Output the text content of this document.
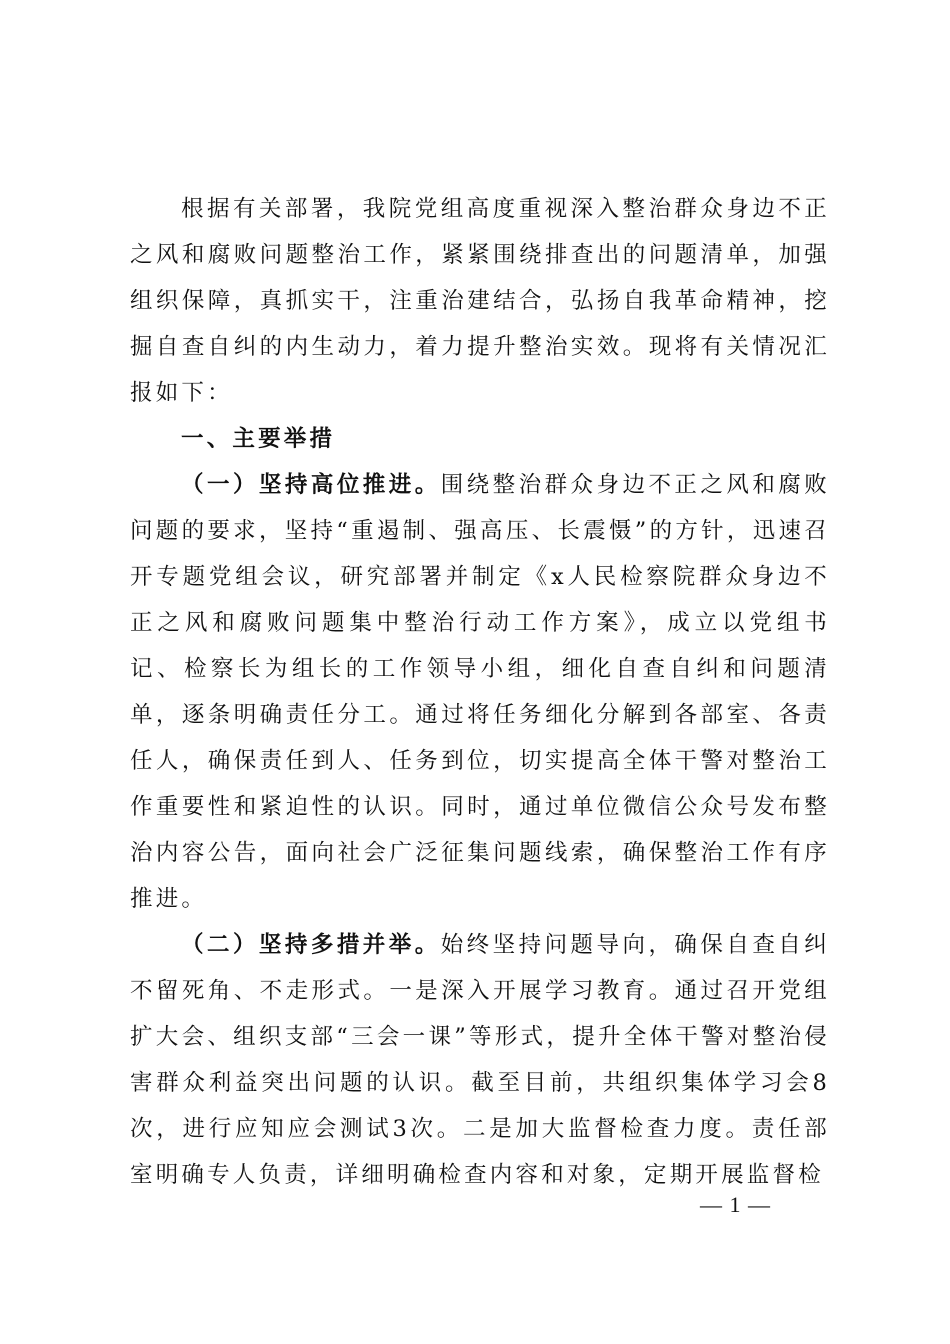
根据有关部署，我院党组高度重视深入整治群众身边不正之风和腐败问题整治工作，紧紧围绕排查出的问题清单，加强组织保障，真抓实干，注重治建结合，弘扬自我革命精神，挖掘自查自纠的内生动力，着力提升整治实效。现将有关情况汇报如下：

一、主要举措

（一）坚持高位推进。围绕整治群众身边不正之风和腐败问题的要求，坚持“重遏制、强高压、长震慑”的方针，迅速召开专题党组会议，研究部署并制定《x人民检察院群众身边不正之风和腐败问题集中整治行动工作方案》，成立以党组书记、检察长为组长的工作领导小组，细化自查自纠和问题清单，逐条明确责任分工。通过将任务细化分解到各部室、各责任人，确保责任到人、任务到位，切实提高全体干警对整治工作重要性和紧迫性的认识。同时，通过单位微信公众号发布整治内容公告，面向社会广泛征集问题线索，确保整治工作有序推进。

（二）坚持多措并举。始终坚持问题导向，确保自查自纠不留死角、不走形式。一是深入开展学习教育。通过召开党组扩大会、组织支部“三会一课”等形式，提升全体干警对整治侵害群众利益突出问题的认识。截至目前，共组织集体学习会8次，进行应知应会测试3次。二是加大监督检查力度。责任部室明确专人负责，详细明确检查内容和对象，定期开展监督检

— 1 —
